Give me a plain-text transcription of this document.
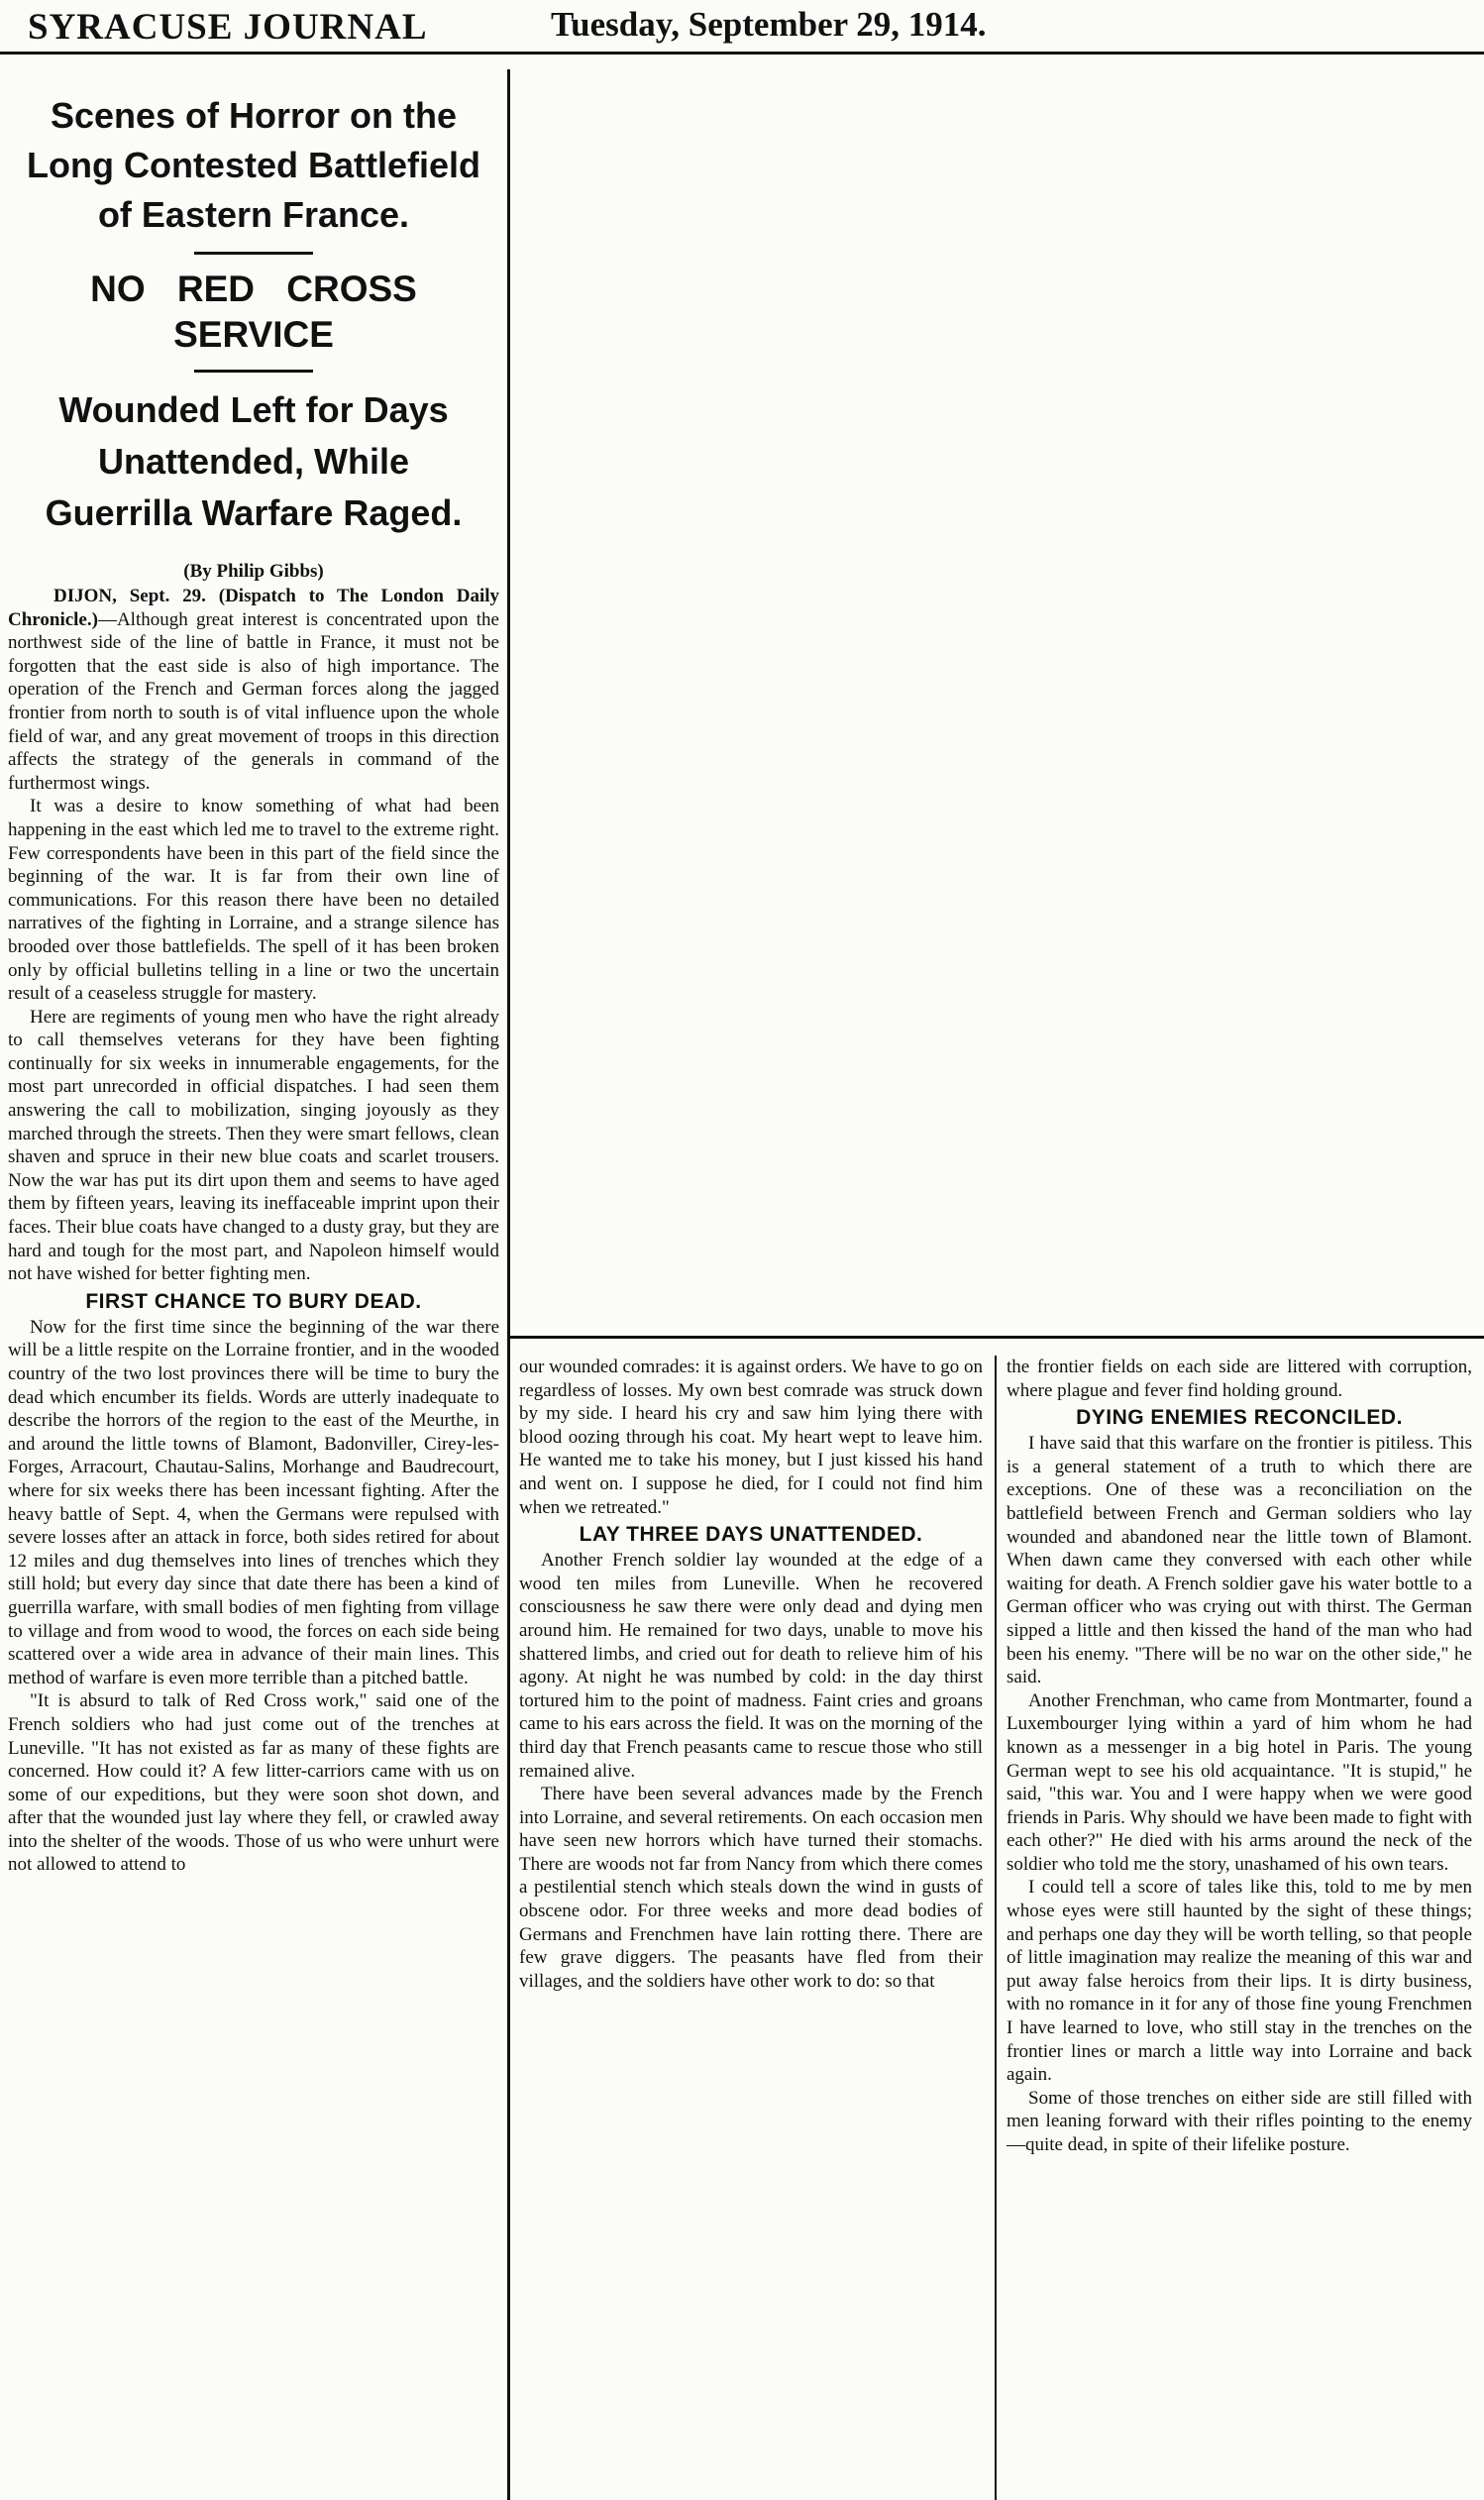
SYRACUSE JOURNAL	Tuesday, September 29, 1914.
Scenes of Horror on the Long Contested Battlefield of Eastern France.
NO RED CROSS SERVICE
Wounded Left for Days Unattended, While Guerrilla Warfare Raged.
(By Philip Gibbs)

DIJON, Sept. 29. (Dispatch to The London Daily Chronicle.)—Although great interest is concentrated upon the northwest side of the line of battle in France, it must not be forgotten that the east side is also of high importance. The operation of the French and German forces along the jagged frontier from north to south is of vital influence upon the whole field of war, and any great movement of troops in this direction affects the strategy of the generals in command of the furthermost wings.

It was a desire to know something of what had been happening in the east which led me to travel to the extreme right. Few correspondents have been in this part of the field since the beginning of the war. It is far from their own line of communications. For this reason there have been no detailed narratives of the fighting in Lorraine, and a strange silence has brooded over those battlefields. The spell of it has been broken only by official bulletins telling in a line or two the uncertain result of a ceaseless struggle for mastery.

Here are regiments of young men who have the right already to call themselves veterans for they have been fighting continually for six weeks in innumerable engagements, for the most part unrecorded in official dispatches. I had seen them answering the call to mobilization, singing joyously as they marched through the streets. Then they were smart fellows, clean shaven and spruce in their new blue coats and scarlet trousers. Now the war has put its dirt upon them and seems to have aged them by fifteen years, leaving its ineffaceable imprint upon their faces. Their blue coats have changed to a dusty gray, but they are hard and tough for the most part, and Napoleon himself would not have wished for better fighting men.

FIRST CHANCE TO BURY DEAD.

Now for the first time since the beginning of the war there will be a little respite on the Lorraine frontier, and in the wooded country of the two lost provinces there will be time to bury the dead which encumber its fields. Words are utterly inadequate to describe the horrors of the region to the east of the Meurthe, in and around the little towns of Blamont, Badonviller, Cirey-les-Forges, Arracourt, Chautau-Salins, Morhange and Baudrecourt, where for six weeks there has been incessant fighting. After the heavy battle of Sept. 4, when the Germans were repulsed with severe losses after an attack in force, both sides retired for about 12 miles and dug themselves into lines of trenches which they still hold; but every day since that date there has been a kind of guerrilla warfare, with small bodies of men fighting from village to village and from wood to wood, the forces on each side being scattered over a wide area in advance of their main lines. This method of warfare is even more terrible than a pitched battle.

"It is absurd to talk of Red Cross work," said one of the French soldiers who had just come out of the trenches at Luneville. "It has not existed as far as many of these fights are concerned. How could it? A few litter-carriors came with us on some of our expeditions, but they were soon shot down, and after that the wounded just lay where they fell, or crawled away into the shelter of the woods. Those of us who were unhurt were not allowed to attend to

our wounded comrades: it is against orders. We have to go on regardless of losses. My own best comrade was struck down by my side. I heard his cry and saw him lying there with blood oozing through his coat. My heart wept to leave him. He wanted me to take his money, but I just kissed his hand and went on. I suppose he died, for I could not find him when we retreated."

LAY THREE DAYS UNATTENDED.

Another French soldier lay wounded at the edge of a wood ten miles from Luneville. When he recovered consciousness he saw there were only dead and dying men around him. He remained for two days, unable to move his shattered limbs, and cried out for death to relieve him of his agony. At night he was numbed by cold: in the day thirst tortured him to the point of madness. Faint cries and groans came to his ears across the field. It was on the morning of the third day that French peasants came to rescue those who still remained alive.

There have been several advances made by the French into Lorraine, and several retirements. On each occasion men have seen new horrors which have turned their stomachs. There are woods not far from Nancy from which there comes a pestilential stench which steals down the wind in gusts of obscene odor. For three weeks and more dead bodies of Germans and Frenchmen have lain rotting there. There are few grave diggers. The peasants have fled from their villages, and the soldiers have other work to do: so that

the frontier fields on each side are littered with corruption, where plague and fever find holding ground.

DYING ENEMIES RECONCILED.

I have said that this warfare on the frontier is pitiless. This is a general statement of a truth to which there are exceptions. One of these was a reconciliation on the battlefield between French and German soldiers who lay wounded and abandoned near the little town of Blamont. When dawn came they conversed with each other while waiting for death. A French soldier gave his water bottle to a German officer who was crying out with thirst. The German sipped a little and then kissed the hand of the man who had been his enemy. "There will be no war on the other side," he said.

Another Frenchman, who came from Montmarter, found a Luxembourger lying within a yard of him whom he had known as a messenger in a big hotel in Paris. The young German wept to see his old acquaintance. "It is stupid," he said, "this war. You and I were happy when we were good friends in Paris. Why should we have been made to fight with each other?" He died with his arms around the neck of the soldier who told me the story, unashamed of his own tears.

I could tell a score of tales like this, told to me by men whose eyes were still haunted by the sight of these things; and perhaps one day they will be worth telling, so that people of little imagination may realize the meaning of this war and put away false heroics from their lips. It is dirty business, with no romance in it for any of those fine young Frenchmen I have learned to love, who still stay in the trenches on the frontier lines or march a little way into Lorraine and back again.

Some of those trenches on either side are still filled with men leaning forward with their rifles pointing to the enemy—quite dead, in spite of their lifelike posture.
